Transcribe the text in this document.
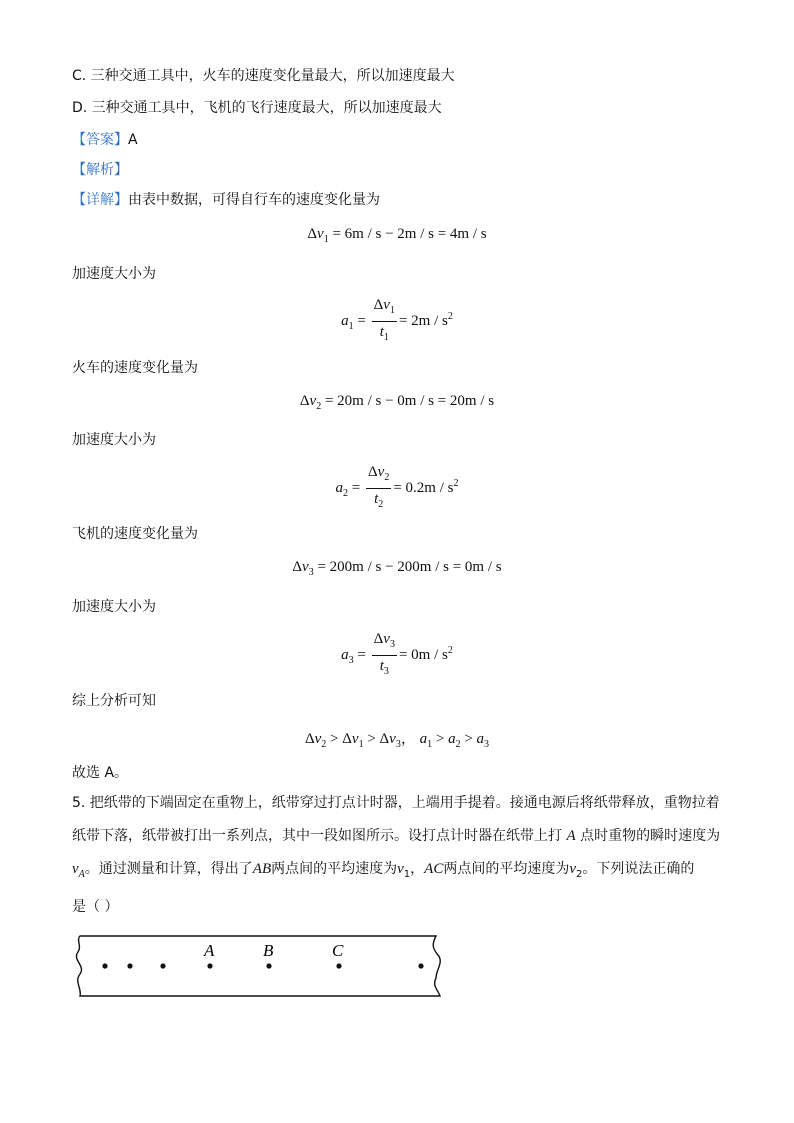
C. 三种交通工具中，火车的速度变化量最大，所以加速度最大
D. 三种交通工具中，飞机的飞行速度最大，所以加速度最大
【答案】A
【解析】
【详解】由表中数据，可得自行车的速度变化量为
$\Delta v_1 = 6m / s - 2m / s = 4m / s$
加速度大小为
$a_1 = \frac{\Delta v_1}{t_1} = 2m / s^2$
火车的速度变化量为
$\Delta v_2 = 20m / s - 0m / s = 20m / s$
加速度大小为
$a_2 = \frac{\Delta v_2}{t_2} = 0.2m / s^2$
飞机的速度变化量为
$\Delta v_3 = 200m / s - 200m / s = 0m / s$
加速度大小为
$a_3 = \frac{\Delta v_3}{t_3} = 0m / s^2$
综上分析可知
$\Delta v_2 > \Delta v_1 > \Delta v_3$， $a_1 > a_2 > a_3$
故选 A。
5. 把纸带的下端固定在重物上，纸带穿过打点计时器，上端用手提着。接通电源后将纸带释放，重物拉着
纸带下落，纸带被打出一系列点，其中一段如图所示。设打点计时器在纸带上打 A 点时重物的瞬时速度为
$v_A$。通过测量和计算，得出了AB两点间的平均速度为$v_1$，AC两点间的平均速度为$v_2$。下列说法正确的
是（ ）
A	B	C
